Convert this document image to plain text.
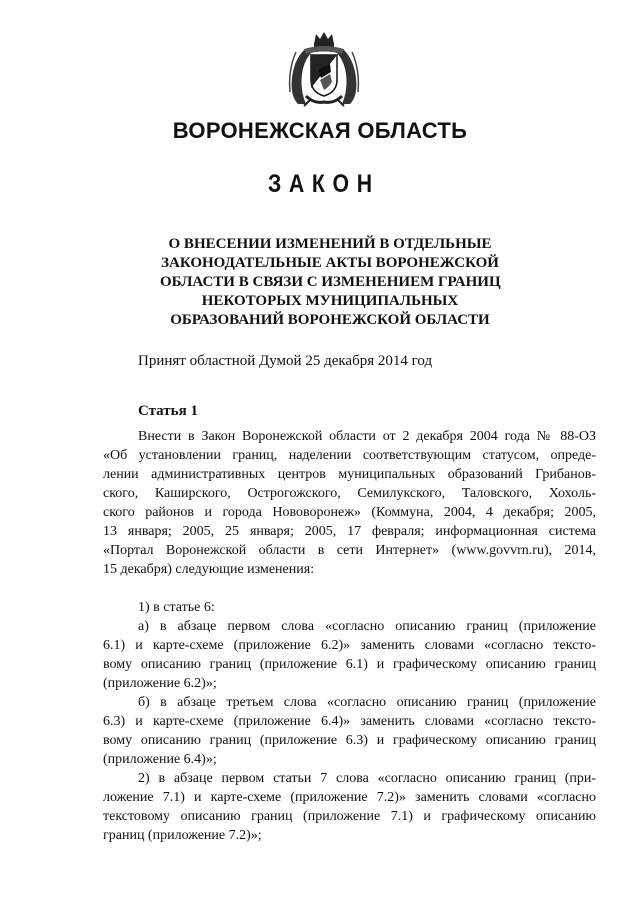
ВОРОНЕЖСКАЯ ОБЛАСТЬ
ЗАКОН
О ВНЕСЕНИИ ИЗМЕНЕНИЙ В ОТДЕЛЬНЫЕ
ЗАКОНОДАТЕЛЬНЫЕ АКТЫ ВОРОНЕЖСКОЙ
ОБЛАСТИ В СВЯЗИ С ИЗМЕНЕНИЕМ ГРАНИЦ
НЕКОТОРЫХ МУНИЦИПАЛЬНЫХ
ОБРАЗОВАНИЙ ВОРОНЕЖСКОЙ ОБЛАСТИ
Принят областной Думой 25 декабря 2014 год
Статья 1

Внести в Закон Воронежской области от 2 декабря 2004 года № 88-ОЗ

«Об установлении границ, наделении соответствующим статусом, опреде-

лении административных центров муниципальных образований Грибанов-

ского, Каширского, Острогожского, Семилукского, Таловского, Хохоль-

ского районов и города Нововоронеж» (Коммуна, 2004, 4 декабря; 2005,

13 января; 2005, 25 января; 2005, 17 февраля; информационная система

«Портал Воронежской области в сети Интернет» (www.govvrn.ru), 2014,

15 декабря) следующие изменения:

1) в статье 6:

а) в абзаце первом слова «согласно описанию границ (приложение

6.1) и карте-схеме (приложение 6.2)» заменить словами «согласно тексто-

вому описанию границ (приложение 6.1) и графическому описанию границ

(приложение 6.2)»;

б) в абзаце третьем слова «согласно описанию границ (приложение

6.3) и карте-схеме (приложение 6.4)» заменить словами «согласно тексто-

вому описанию границ (приложение 6.3) и графическому описанию границ

(приложение 6.4)»;

2) в абзаце первом статьи 7 слова «согласно описанию границ (при-

ложение 7.1) и карте-схеме (приложение 7.2)» заменить словами «согласно

текстовому описанию границ (приложение 7.1) и графическому описанию

границ (приложение 7.2)»;
